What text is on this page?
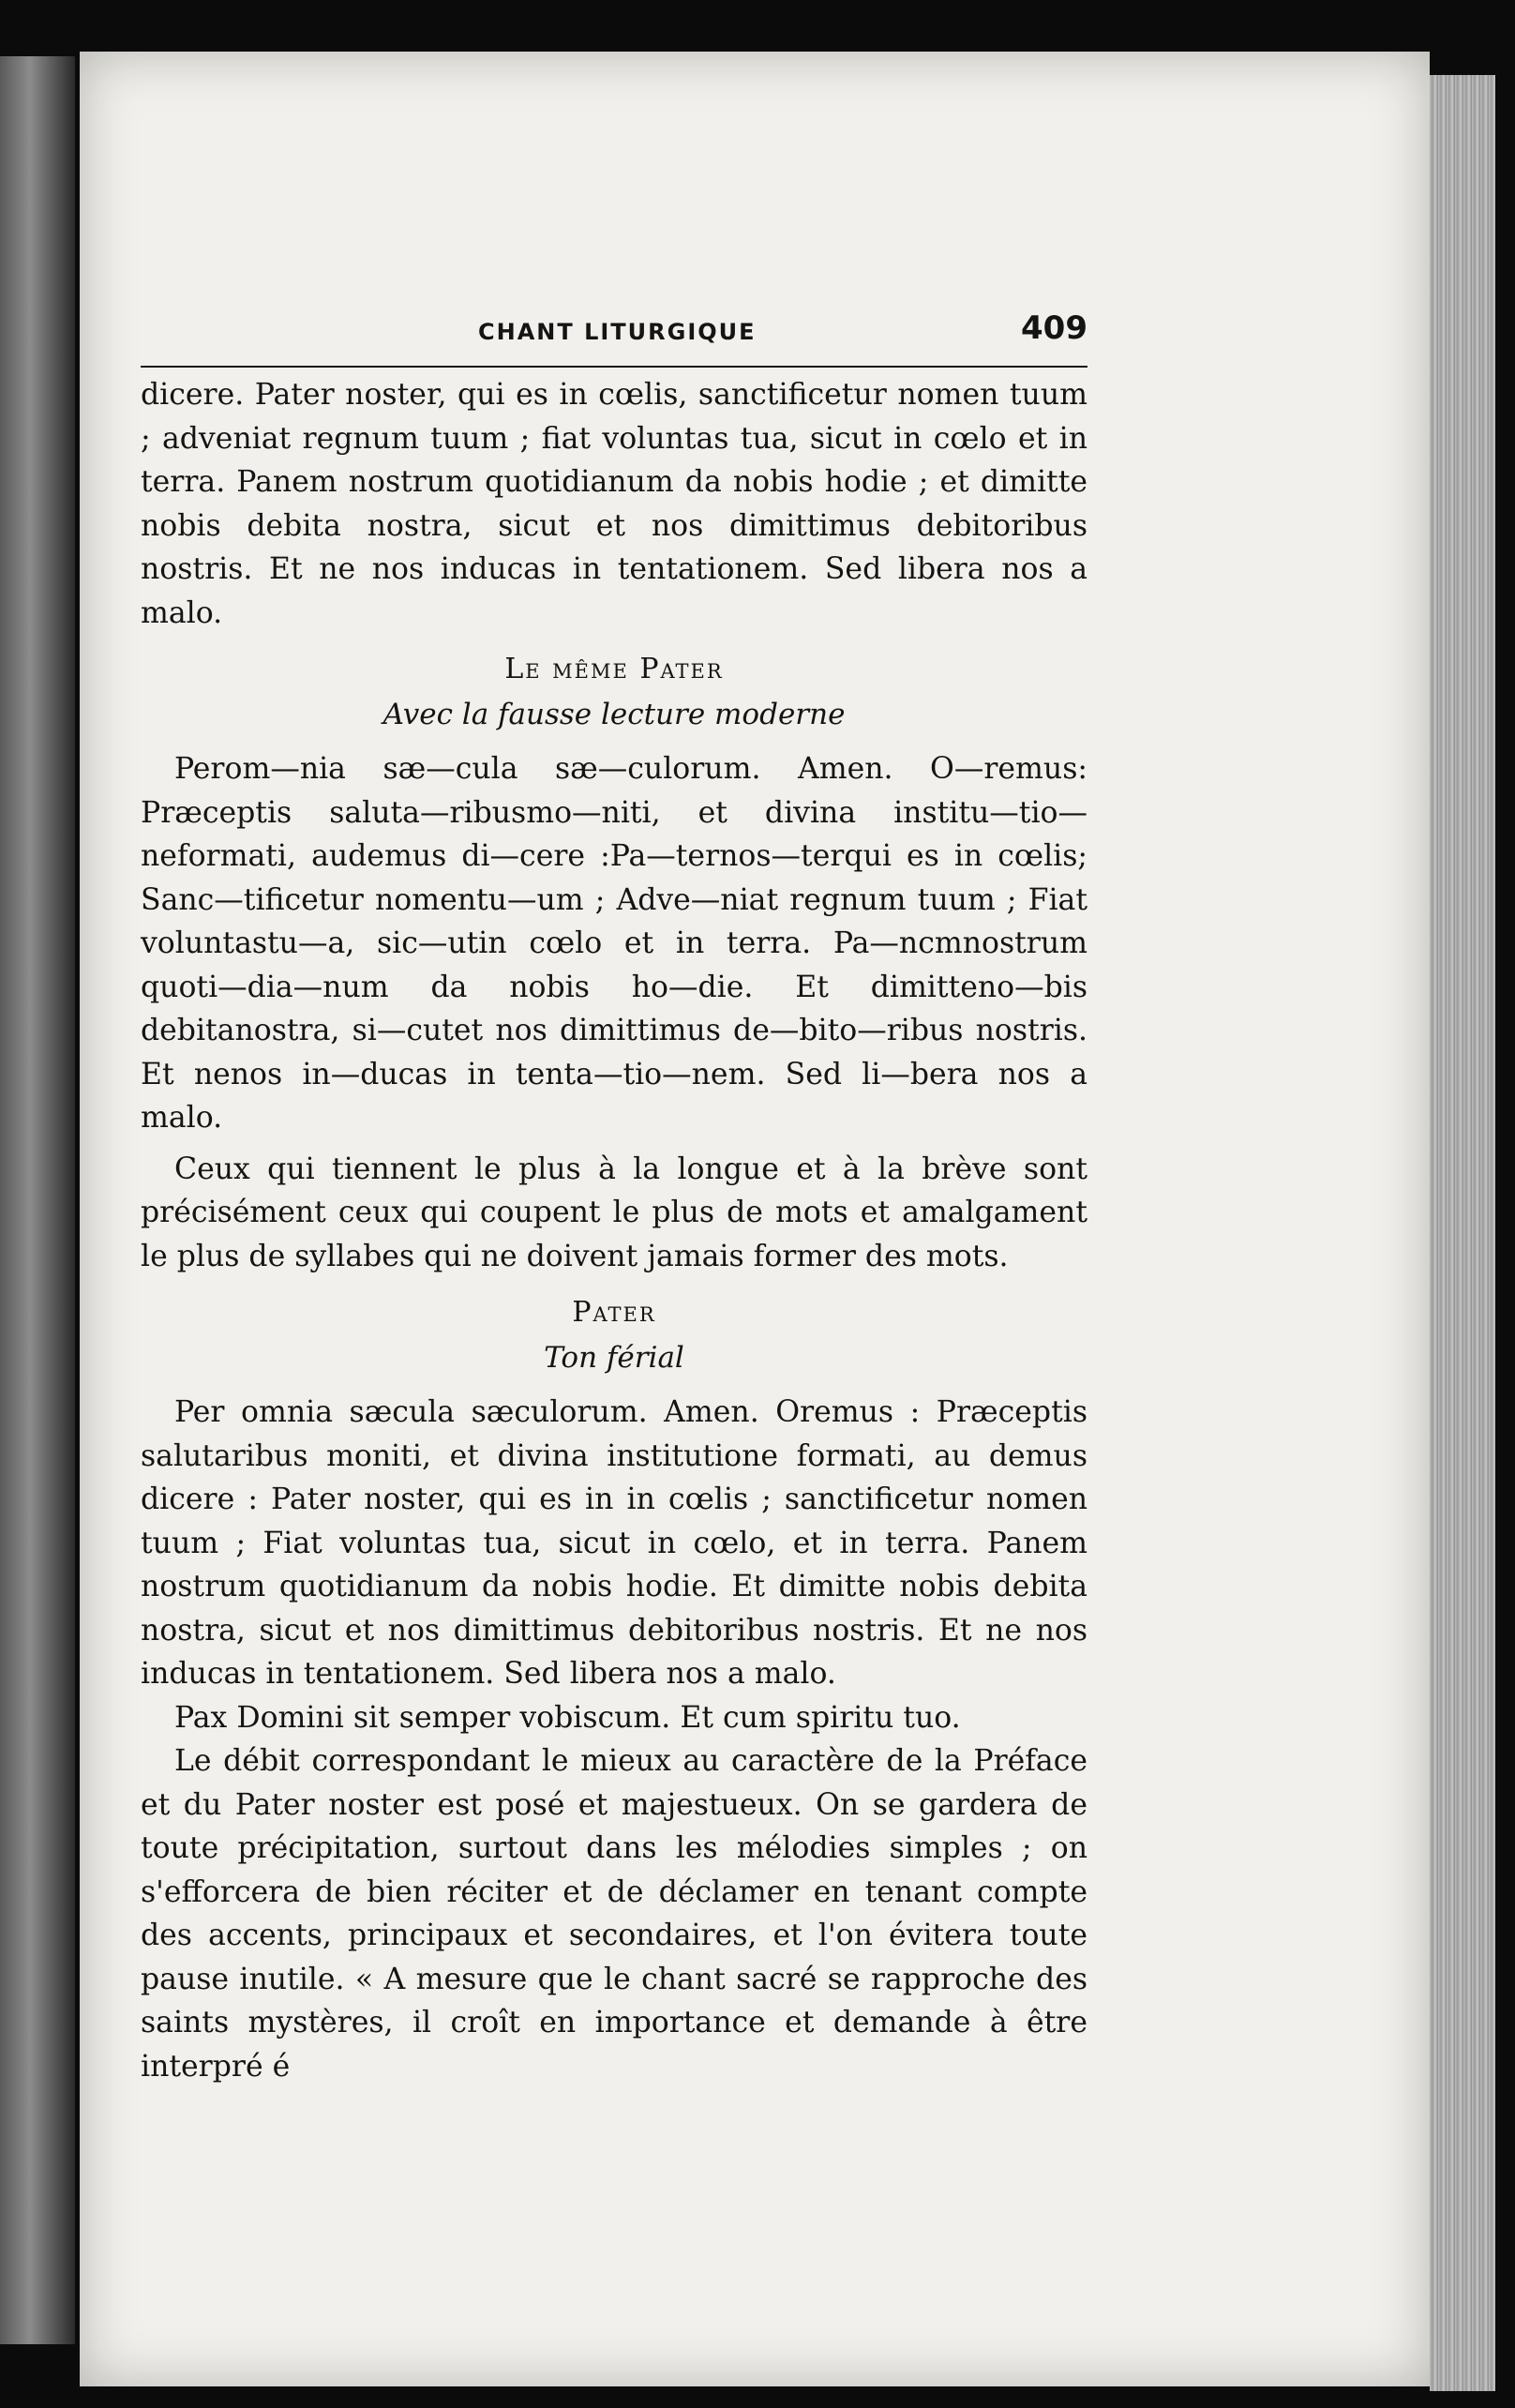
CHANT LITURGIQUE	409

dicere. Pater noster, qui es in cœlis, sanctificetur nomen tuum ; adveniat regnum tuum ; fiat voluntas tua, sicut in cœlo et in terra. Panem nostrum quotidianum da nobis hodie ; et dimitte nobis debita nostra, sicut et nos dimittimus debitoribus nostris. Et ne nos inducas in tentationem. Sed libera nos a malo.

Le même Pater
Avec la fausse lecture moderne

Perom—nia sæ—cula sæ—culorum. Amen. O—remus: Præceptis saluta—ribusmo—niti, et divina institu—tio—neformati, audemus di—cere :Pa—ternos—terqui es in cœlis; Sanc—tificetur nomentu—um ; Adve—niat regnum tuum ; Fiat voluntastu—a, sic—utin cœlo et in terra. Pa—ncmnostrum quoti—dia—num da nobis ho—die. Et dimitteno—bis debitanostra, si—cutet nos dimittimus de—bito—ribus nostris. Et nenos in—ducas in tenta—tio—nem. Sed li—bera nos a malo.

Ceux qui tiennent le plus à la longue et à la brève sont précisément ceux qui coupent le plus de mots et amalgament le plus de syllabes qui ne doivent jamais former des mots.

Pater
Ton férial

Per omnia sæcula sæculorum. Amen. Oremus : Præceptis salutaribus moniti, et divina institutione formati, au demus dicere : Pater noster, qui es in in cœlis ; sanctificetur nomen tuum ; Fiat voluntas tua, sicut in cœlo, et in terra. Panem nostrum quotidianum da nobis hodie. Et dimitte nobis debita nostra, sicut et nos dimittimus debitoribus nostris. Et ne nos inducas in tentationem. Sed libera nos a malo.

Pax Domini sit semper vobiscum. Et cum spiritu tuo.

Le débit correspondant le mieux au caractère de la Préface et du Pater noster est posé et majestueux. On se gardera de toute précipitation, surtout dans les mélodies simples ; on s'efforcera de bien réciter et de déclamer en tenant compte des accents, principaux et secondaires, et l'on évitera toute pause inutile. « A mesure que le chant sacré se rapproche des saints mystères, il croît en importance et demande à être interpré é
